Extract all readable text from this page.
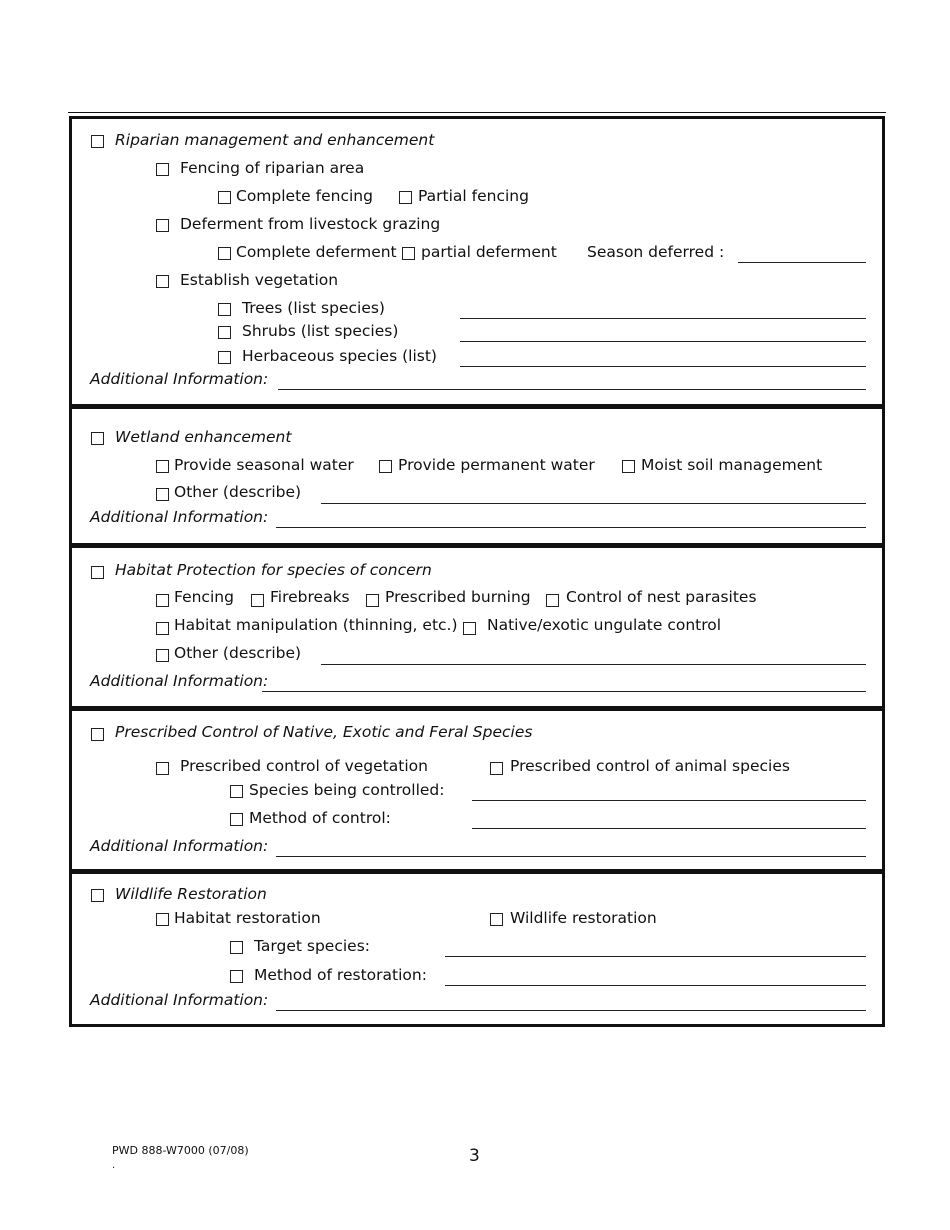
Riparian management and enhancement
Fencing of riparian area
Complete fencing	Partial fencing
Deferment from livestock grazing
Complete deferment partial deferment Season deferred :
Establish vegetation
Trees (list species)
Shrubs (list species)
Herbaceous species (list)
Additional Information:
Wetland enhancement
Provide seasonal water	Provide permanent water	Moist soil management
Other (describe)
Additional Information:
Habitat Protection for species of concern
Fencing Firebreaks Prescribed burning Control of nest parasites
Habitat manipulation (thinning, etc.) Native/exotic ungulate control
Other (describe)
Additional Information:
Prescribed Control of Native, Exotic and Feral Species
Prescribed control of vegetation	Prescribed control of animal species
Species being controlled:
Method of control:
Additional Information:
Wildlife Restoration
Habitat restoration	Wildlife restoration
Target species:
Method of restoration:
Additional Information:
PWD 888-W7000 (07/08)
.	3
